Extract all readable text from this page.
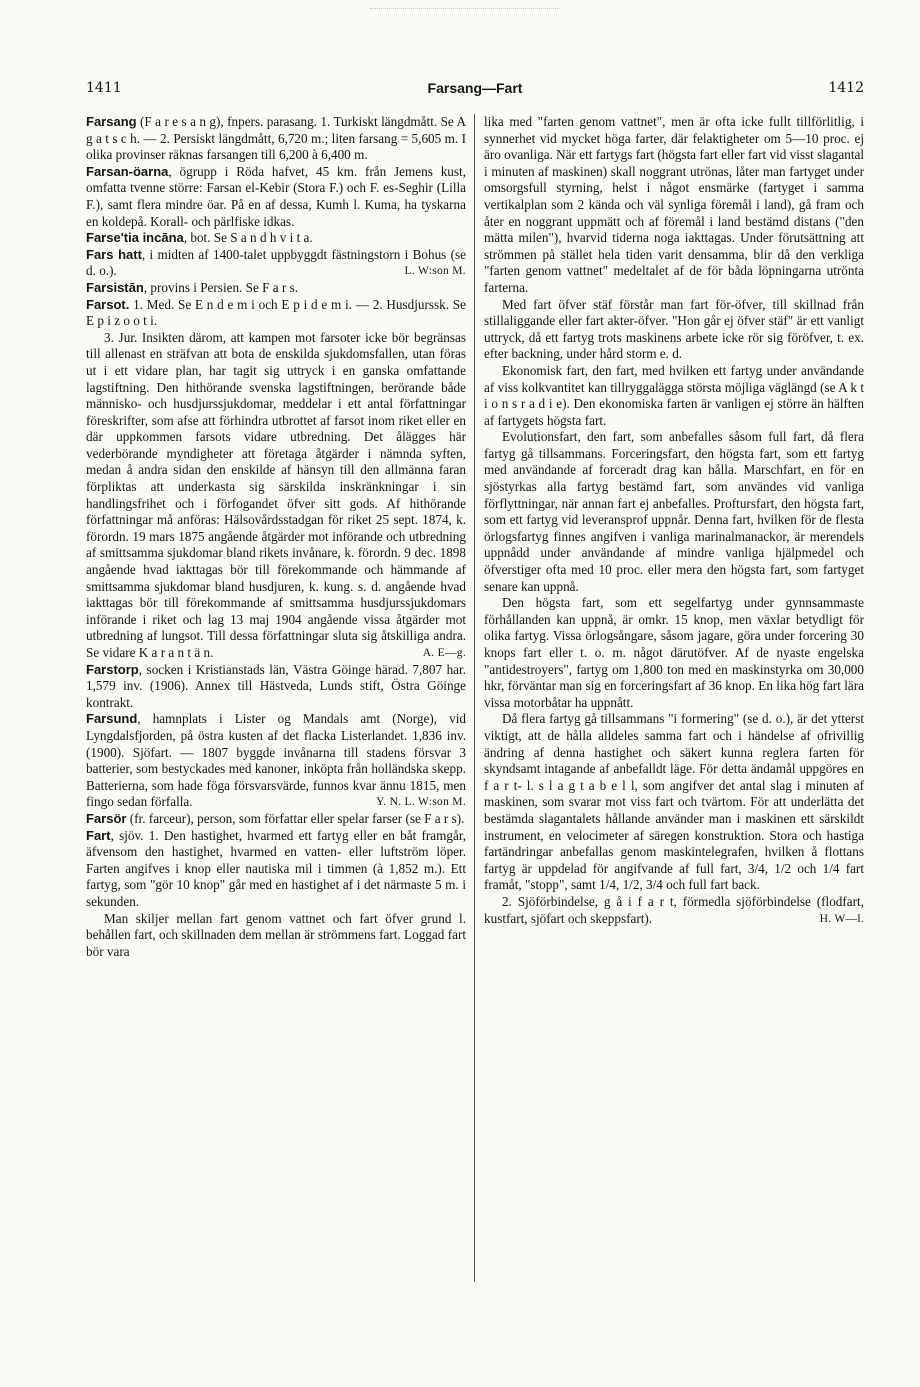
1411	Farsang—Fart	1412

Farsang (F a r e s a n g), fnpers. parasang. 1. Turkiskt längdmått. Se A g a t s c h. — 2. Persiskt längdmått, 6,720 m.; liten farsang = 5,605 m. I olika provinser räknas farsangen till 6,200 à 6,400 m.

Farsan-öarna, ögrupp i Röda hafvet, 45 km. från Jemens kust, omfatta tvenne större: Farsan el-Kebir (Stora F.) och F. es-Seghir (Lilla F.), samt flera mindre öar. På en af dessa, Kumh l. Kuma, ha tyskarna en koldepå. Korall- och pärlfiske idkas.

Farse'tia incāna, bot. Se S a n d h v i t a.

Fars hatt, i midten af 1400-talet uppbyggdt fästningstorn i Bohus (se d. o.).	L. W:son M.

Farsistān, provins i Persien. Se F a r s.

Farsot. 1. Med. Se E n d e m i och E p i d e m i. — 2. Husdjurssk. Se E p i z o o t i.

3. Jur. Insikten därom, att kampen mot farsoter icke bör begränsas till allenast en sträfvan att bota de enskilda sjukdomsfallen, utan föras ut i ett vidare plan, har tagit sig uttryck i en ganska omfattande lagstiftning. Den hithörande svenska lagstiftningen, berörande både människo- och husdjurssjukdomar, meddelar i ett antal författningar föreskrifter, som afse att förhindra utbrottet af farsot inom riket eller en där uppkommen farsots vidare utbredning. Det ålägges här vederbörande myndigheter att företaga åtgärder i nämnda syften, medan å andra sidan den enskilde af hänsyn till den allmänna faran förpliktas att underkasta sig särskilda inskränkningar i sin handlingsfrihet och i förfogandet öfver sitt gods. Af hithörande författningar må anföras: Hälsovårdsstadgan för riket 25 sept. 1874, k. förordn. 19 mars 1875 angående åtgärder mot införande och utbredning af smittsamma sjukdomar bland rikets invånare, k. förordn. 9 dec. 1898 angående hvad iakttagas bör till förekommande och hämmande af smittsamma sjukdomar bland husdjuren, k. kung. s. d. angående hvad iakttagas bör till förekommande af smittsamma husdjurssjukdomars införande i riket och lag 13 maj 1904 angående vissa åtgärder mot utbredning af lungsot. Till dessa författningar sluta sig åtskilliga andra. Se vidare K a r a n t ä n.	A. E—g.

Farstorp, socken i Kristianstads län, Västra Göinge härad. 7,807 har. 1,579 inv. (1906). Annex till Hästveda, Lunds stift, Östra Göinge kontrakt.

Farsund, hamnplats i Lister og Mandals amt (Norge), vid Lyngdalsfjorden, på östra kusten af det flacka Listerlandet. 1,836 inv. (1900). Sjöfart. — 1807 byggde invånarna till stadens försvar 3 batterier, som bestyckades med kanoner, inköpta från holländska skepp. Batterierna, som hade föga försvarsvärde, funnos kvar ännu 1815, men fingo sedan förfalla.	Y. N. L. W:son M.

Farsör (fr. farceur), person, som författar eller spelar farser (se F a r s).

Fart, sjöv. 1. Den hastighet, hvarmed ett fartyg eller en båt framgår, äfvensom den hastighet, hvarmed en vatten- eller luftström löper. Farten angifves i knop eller nautiska mil i timmen (à 1,852 m.). Ett fartyg, som "gör 10 knop" går med en hastighet af i det närmaste 5 m. i sekunden.

Man skiljer mellan fart genom vattnet och fart öfver grund l. behållen fart, och skillnaden dem mellan är strömmens fart. Loggad fart bör vara

lika med "farten genom vattnet", men är ofta icke fullt tillförlitlig, i synnerhet vid mycket höga farter, där felaktigheter om 5—10 proc. ej äro ovanliga. När ett fartygs fart (högsta fart eller fart vid visst slagantal i minuten af maskinen) skall noggrant utrönas, låter man fartyget under omsorgsfull styrning, helst i något ensmärke (fartyget i samma vertikalplan som 2 kända och väl synliga föremål i land), gå fram och åter en noggrant uppmätt och af föremål i land bestämd distans ("den mätta milen"), hvarvid tiderna noga iakttagas. Under förutsättning att strömmen på stället hela tiden varit densamma, blir då den verkliga "farten genom vattnet" medeltalet af de för båda löpningarna utrönta farterna.

Med fart öfver stäf förstår man fart för-öfver, till skillnad från stillaliggande eller fart akter-öfver. "Hon går ej öfver stäf" är ett vanligt uttryck, då ett fartyg trots maskinens arbete icke rör sig föröfver, t. ex. efter backning, under hård storm e. d.

Ekonomisk fart, den fart, med hvilken ett fartyg under användande af viss kolkvantitet kan tillryggalägga största möjliga väglängd (se A k t i o n s r a d i e). Den ekonomiska farten är vanligen ej större än hälften af fartygets högsta fart.

Evolutionsfart, den fart, som anbefalles såsom full fart, då flera fartyg gå tillsammans. Forceringsfart, den högsta fart, som ett fartyg med användande af forceradt drag kan hålla. Marschfart, en för en sjöstyrkas alla fartyg bestämd fart, som användes vid vanliga förflyttningar, när annan fart ej anbefalles. Proftursfart, den högsta fart, som ett fartyg vid leveransprof uppnår. Denna fart, hvilken för de flesta örlogsfartyg finnes angifven i vanliga marinalmanackor, är merendels uppnådd under användande af mindre vanliga hjälpmedel och öfverstiger ofta med 10 proc. eller mera den högsta fart, som fartyget senare kan uppnå.

Den högsta fart, som ett segelfartyg under gynnsammaste förhållanden kan uppnå, är omkr. 15 knop, men växlar betydligt för olika fartyg. Vissa örlogsångare, såsom jagare, göra under forcering 30 knops fart eller t. o. m. något därutöfver. Af de nyaste engelska "antidestroyers", fartyg om 1,800 ton med en maskinstyrka om 30,000 hkr, förväntar man sig en forceringsfart af 36 knop. En lika hög fart lära vissa motorbåtar ha uppnått.

Då flera fartyg gå tillsammans "i formering" (se d. o.), är det ytterst viktigt, att de hålla alldeles samma fart och i händelse af ofrivillig ändring af denna hastighet och säkert kunna reglera farten för skyndsamt intagande af anbefalldt läge. För detta ändamål uppgöres en f a r t- l. s l a g t a b e l l, som angifver det antal slag i minuten af maskinen, som svarar mot viss fart och tvärtom. För att underlätta det bestämda slagantalets hållande använder man i maskinen ett särskildt instrument, en velocimeter af säregen konstruktion. Stora och hastiga fartändringar anbefallas genom maskintelegrafen, hvilken å flottans fartyg är uppdelad för angifvande af full fart, 3/4, 1/2 och 1/4 fart framåt, "stopp", samt 1/4, 1/2, 3/4 och full fart back.

2. Sjöförbindelse, g å i f a r t, förmedla sjöförbindelse (flodfart, kustfart, sjöfart och skeppsfart).	H. W—l.
